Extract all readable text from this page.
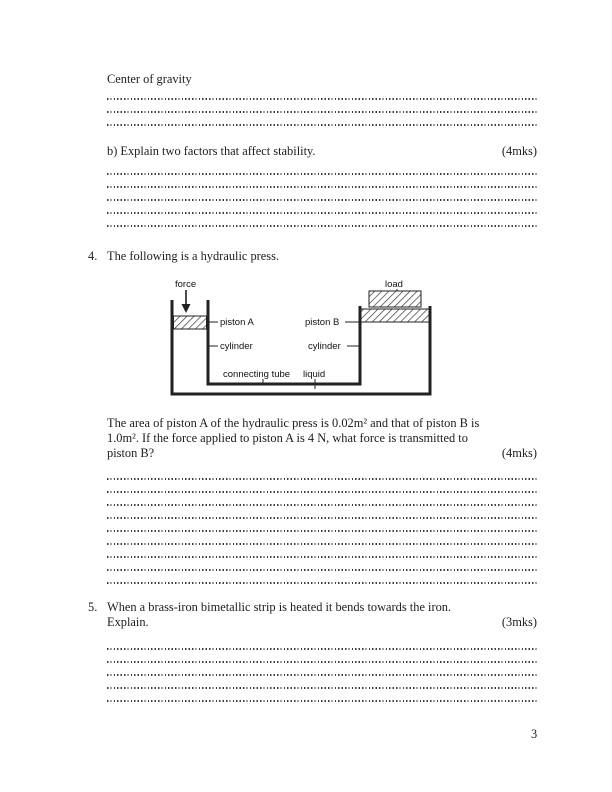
Center of gravity
b) Explain two factors that affect stability.	(4mks)
4. The following is a hydraulic press.
force	load
piston A
cylinder
piston B
cylinder
connecting tube liquid
The area of piston A of the hydraulic press is 0.02m² and that of piston B is
1.0m². If the force applied to piston A is 4 N, what force is transmitted to
piston B?	(4mks)
5. When a brass-iron bimetallic strip is heated it bends towards the iron.
Explain.	(3mks)
3
